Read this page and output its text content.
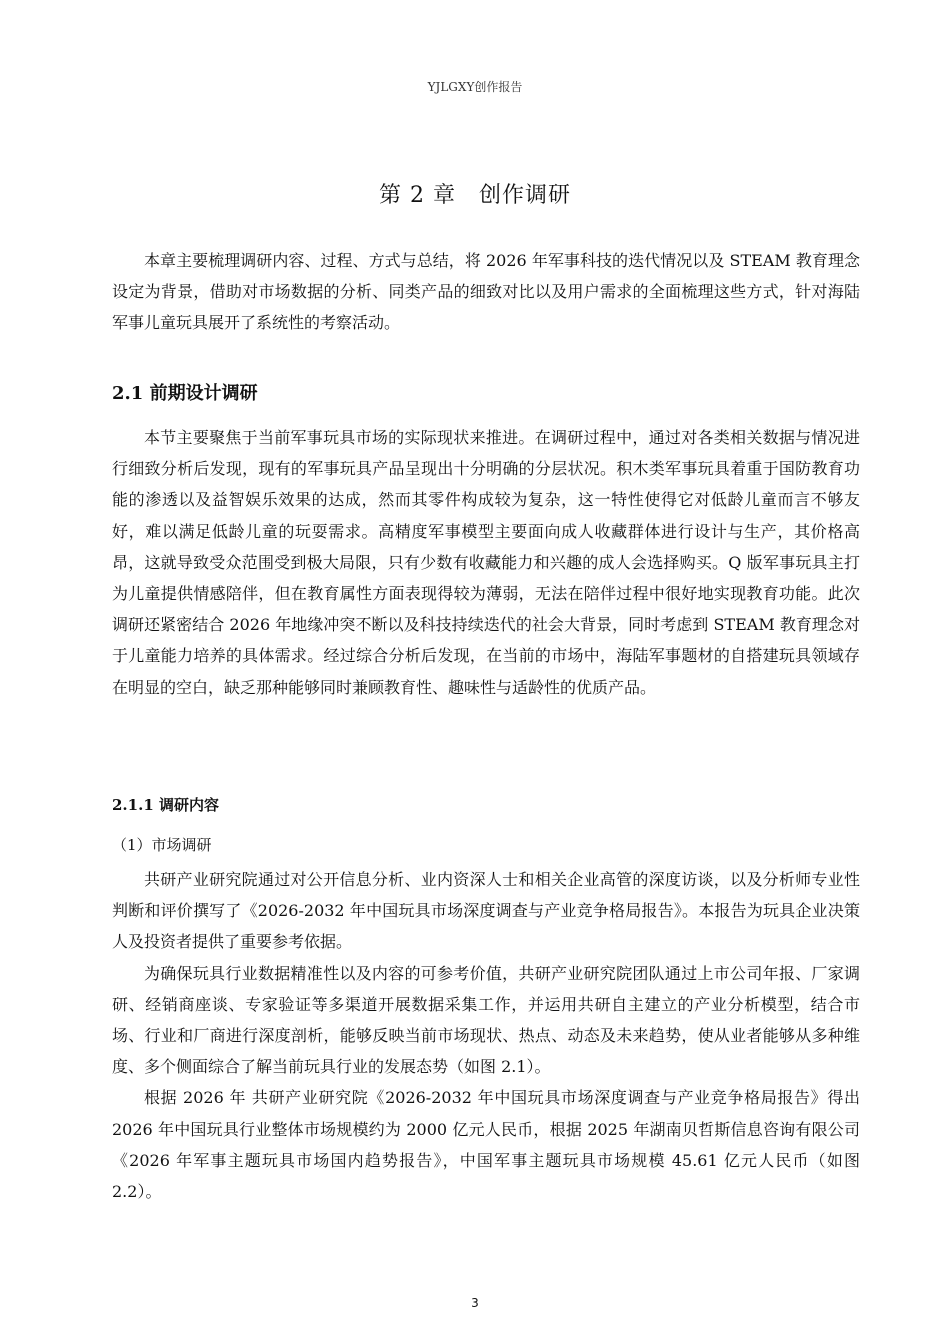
YJLGXY创作报告
第 2 章　创作调研

本章主要梳理调研内容、过程、方式与总结，将 2026 年军事科技的迭代情况以及 STEAM 教育理念设定为背景，借助对市场数据的分析、同类产品的细致对比以及用户需求的全面梳理这些方式，针对海陆军事儿童玩具展开了系统性的考察活动。

2.1 前期设计调研

本节主要聚焦于当前军事玩具市场的实际现状来推进。在调研过程中，通过对各类相关数据与情况进行细致分析后发现，现有的军事玩具产品呈现出十分明确的分层状况。积木类军事玩具着重于国防教育功能的渗透以及益智娱乐效果的达成，然而其零件构成较为复杂，这一特性使得它对低龄儿童而言不够友好，难以满足低龄儿童的玩耍需求。高精度军事模型主要面向成人收藏群体进行设计与生产，其价格高昂，这就导致受众范围受到极大局限，只有少数有收藏能力和兴趣的成人会选择购买。Q 版军事玩具主打为儿童提供情感陪伴，但在教育属性方面表现得较为薄弱，无法在陪伴过程中很好地实现教育功能。此次调研还紧密结合 2026 年地缘冲突不断以及科技持续迭代的社会大背景，同时考虑到 STEAM 教育理念对于儿童能力培养的具体需求。经过综合分析后发现，在当前的市场中，海陆军事题材的自搭建玩具领域存在明显的空白，缺乏那种能够同时兼顾教育性、趣味性与适龄性的优质产品。

2.1.1 调研内容
（1）市场调研

共研产业研究院通过对公开信息分析、业内资深人士和相关企业高管的深度访谈，以及分析师专业性判断和评价撰写了《2026-2032 年中国玩具市场深度调查与产业竞争格局报告》。本报告为玩具企业决策人及投资者提供了重要参考依据。

为确保玩具行业数据精准性以及内容的可参考价值，共研产业研究院团队通过上市公司年报、厂家调研、经销商座谈、专家验证等多渠道开展数据采集工作，并运用共研自主建立的产业分析模型，结合市场、行业和厂商进行深度剖析，能够反映当前市场现状、热点、动态及未来趋势，使从业者能够从多种维度、多个侧面综合了解当前玩具行业的发展态势（如图 2.1）。

根据 2026 年 共研产业研究院《2026-2032 年中国玩具市场深度调查与产业竞争格局报告》得出 2026 年中国玩具行业整体市场规模约为 2000 亿元人民币，根据 2025 年湖南贝哲斯信息咨询有限公司《2026 年军事主题玩具市场国内趋势报告》，中国军事主题玩具市场规模 45.61 亿元人民币（如图 2.2）。

3
